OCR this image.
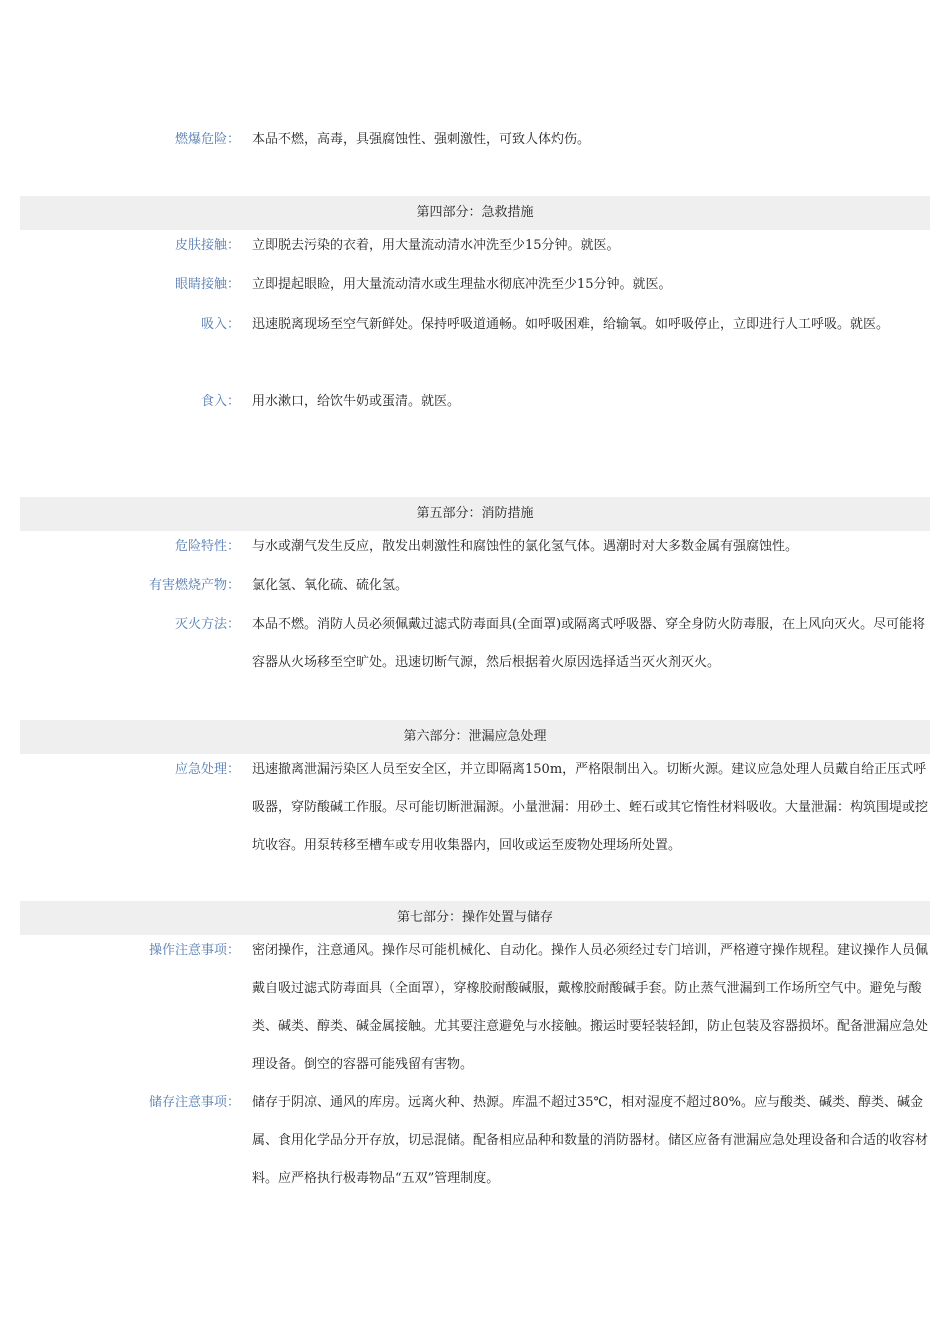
燃爆危险： 本品不燃，高毒，具强腐蚀性、强刺激性，可致人体灼伤。
第四部分：急救措施
皮肤接触： 立即脱去污染的衣着，用大量流动清水冲洗至少15分钟。就医。
眼睛接触： 立即提起眼睑，用大量流动清水或生理盐水彻底冲洗至少15分钟。就医。
吸入： 迅速脱离现场至空气新鲜处。保持呼吸道通畅。如呼吸困难，给输氧。如呼吸停止，立即进行人工呼吸。就医。
食入： 用水漱口，给饮牛奶或蛋清。就医。
第五部分：消防措施
危险特性： 与水或潮气发生反应，散发出刺激性和腐蚀性的氯化氢气体。遇潮时对大多数金属有强腐蚀性。
有害燃烧产物： 氯化氢、氧化硫、硫化氢。
灭火方法： 本品不燃。消防人员必须佩戴过滤式防毒面具(全面罩)或隔离式呼吸器、穿全身防火防毒服，在上风向灭火。尽可能将容器从火场移至空旷处。迅速切断气源，然后根据着火原因选择适当灭火剂灭火。
第六部分：泄漏应急处理
应急处理： 迅速撤离泄漏污染区人员至安全区，并立即隔离150m，严格限制出入。切断火源。建议应急处理人员戴自给正压式呼吸器，穿防酸碱工作服。尽可能切断泄漏源。小量泄漏：用砂土、蛭石或其它惰性材料吸收。大量泄漏：构筑围堤或挖坑收容。用泵转移至槽车或专用收集器内，回收或运至废物处理场所处置。
第七部分：操作处置与储存
操作注意事项： 密闭操作，注意通风。操作尽可能机械化、自动化。操作人员必须经过专门培训，严格遵守操作规程。建议操作人员佩戴自吸过滤式防毒面具（全面罩），穿橡胶耐酸碱服，戴橡胶耐酸碱手套。防止蒸气泄漏到工作场所空气中。避免与酸类、碱类、醇类、碱金属接触。尤其要注意避免与水接触。搬运时要轻装轻卸，防止包装及容器损坏。配备泄漏应急处理设备。倒空的容器可能残留有害物。
储存注意事项： 储存于阴凉、通风的库房。远离火种、热源。库温不超过35℃，相对湿度不超过80%。应与酸类、碱类、醇类、碱金属、食用化学品分开存放，切忌混储。配备相应品种和数量的消防器材。储区应备有泄漏应急处理设备和合适的收容材料。应严格执行极毒物品“五双”管理制度。
